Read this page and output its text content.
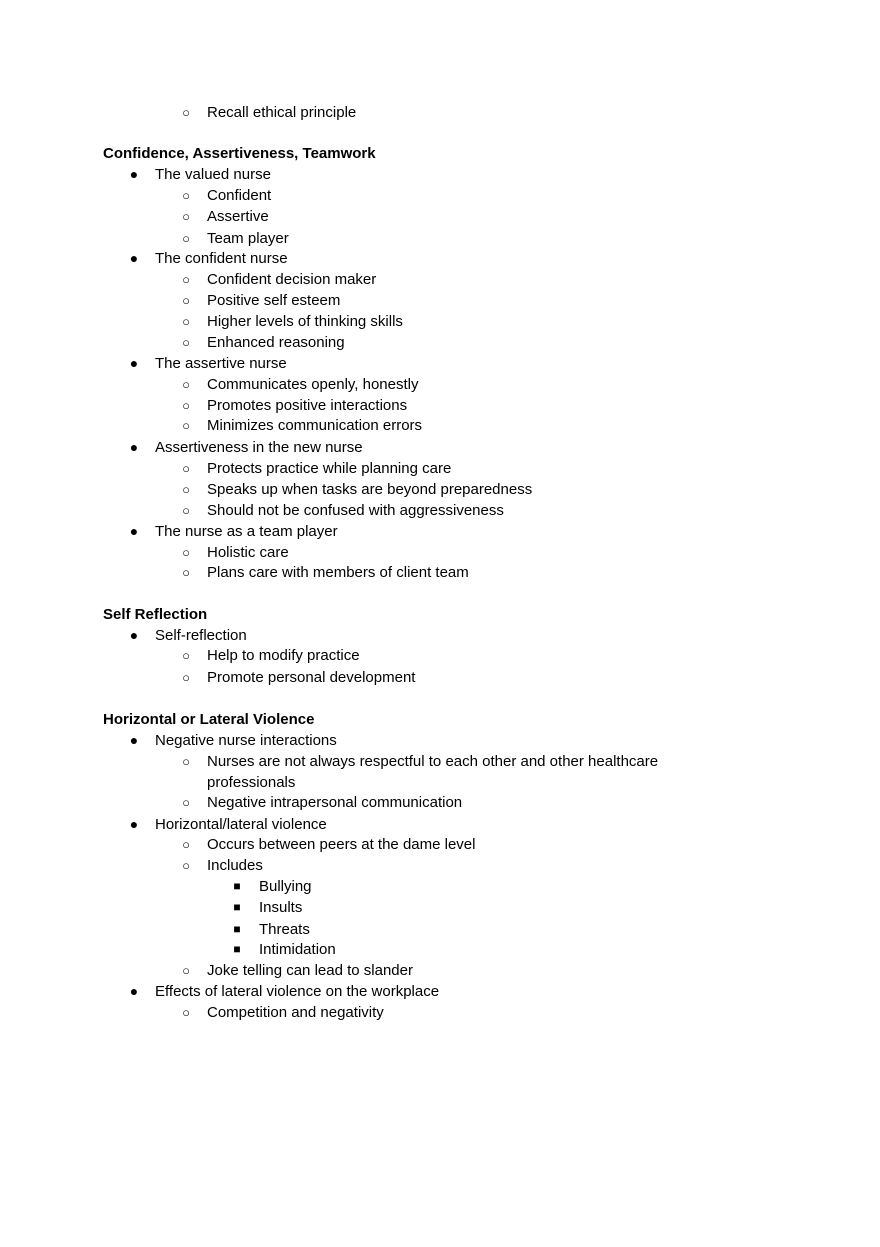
○ Recall ethical principle
Confidence, Assertiveness, Teamwork
● The valued nurse
○ Confident
○ Assertive
○ Team player
● The confident nurse
○ Confident decision maker
○ Positive self esteem
○ Higher levels of thinking skills
○ Enhanced reasoning
● The assertive nurse
○ Communicates openly, honestly
○ Promotes positive interactions
○ Minimizes communication errors
● Assertiveness in the new nurse
○ Protects practice while planning care
○ Speaks up when tasks are beyond preparedness
○ Should not be confused with aggressiveness
● The nurse as a team player
○ Holistic care
○ Plans care with members of client team
Self Reflection
● Self-reflection
○ Help to modify practice
○ Promote personal development
Horizontal or Lateral Violence
● Negative nurse interactions
○ Nurses are not always respectful to each other and other healthcare
professionals
○ Negative intrapersonal communication
● Horizontal/lateral violence
○ Occurs between peers at the dame level
○ Includes
■ Bullying
■ Insults
■ Threats
■ Intimidation
○ Joke telling can lead to slander
● Effects of lateral violence on the workplace
○ Competition and negativity
